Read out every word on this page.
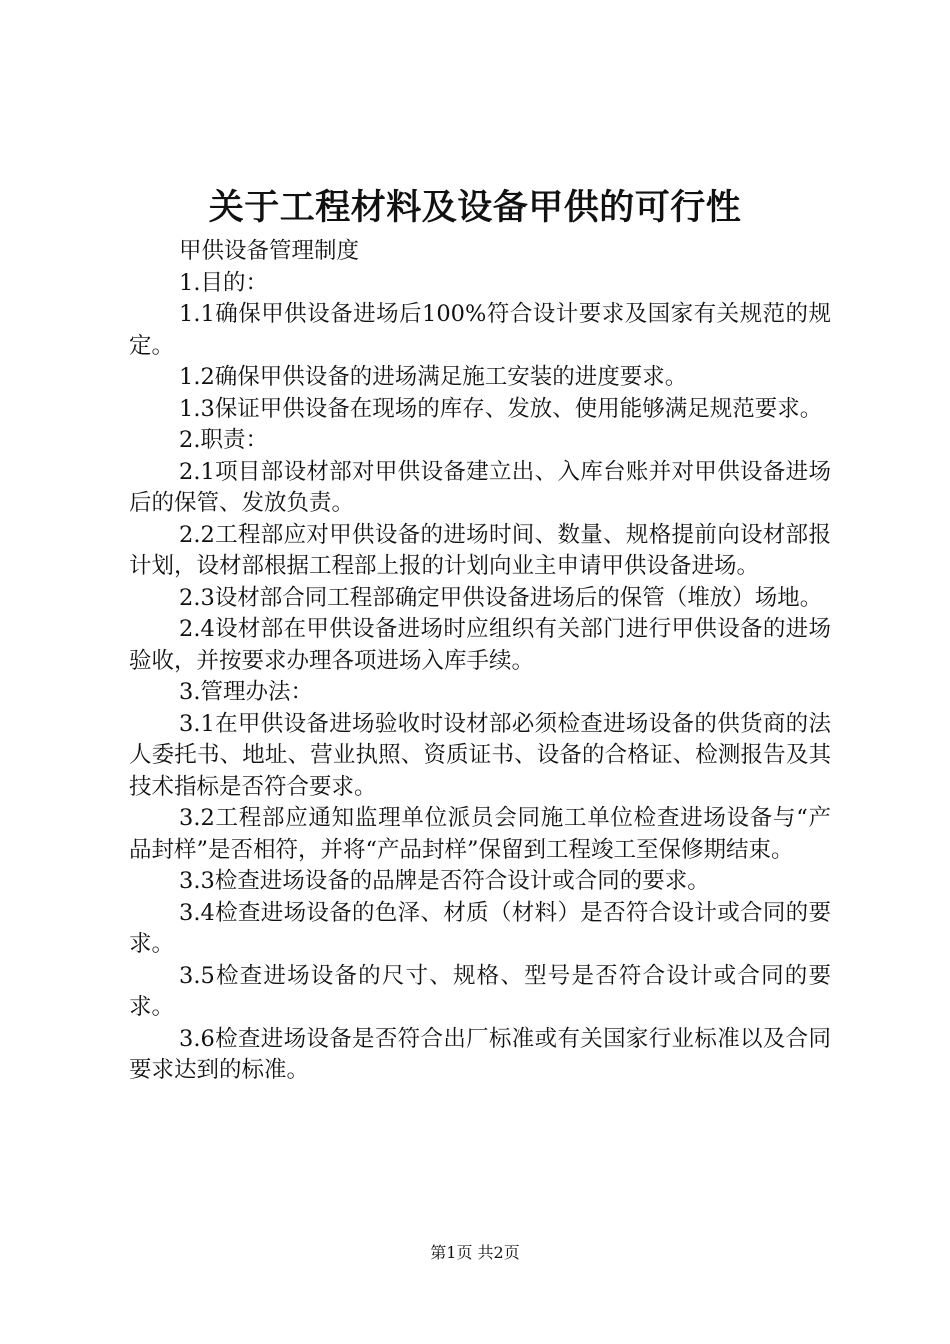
关于工程材料及设备甲供的可行性

甲供设备管理制度

1.目的：

1.1确保甲供设备进场后100%符合设计要求及国家有关规范的规定。

1.2确保甲供设备的进场满足施工安装的进度要求。

1.3保证甲供设备在现场的库存、发放、使用能够满足规范要求。

2.职责：

2.1项目部设材部对甲供设备建立出、入库台账并对甲供设备进场后的保管、发放负责。

2.2工程部应对甲供设备的进场时间、数量、规格提前向设材部报计划，设材部根据工程部上报的计划向业主申请甲供设备进场。

2.3设材部合同工程部确定甲供设备进场后的保管（堆放）场地。

2.4设材部在甲供设备进场时应组织有关部门进行甲供设备的进场验收，并按要求办理各项进场入库手续。

3.管理办法：

3.1在甲供设备进场验收时设材部必须检查进场设备的供货商的法人委托书、地址、营业执照、资质证书、设备的合格证、检测报告及其技术指标是否符合要求。

3.2工程部应通知监理单位派员会同施工单位检查进场设备与“产品封样”是否相符，并将“产品封样”保留到工程竣工至保修期结束。

3.3检查进场设备的品牌是否符合设计或合同的要求。

3.4检查进场设备的色泽、材质（材料）是否符合设计或合同的要求。

3.5检查进场设备的尺寸、规格、型号是否符合设计或合同的要求。

3.6检查进场设备是否符合出厂标准或有关国家行业标准以及合同要求达到的标准。

第1页 共2页
